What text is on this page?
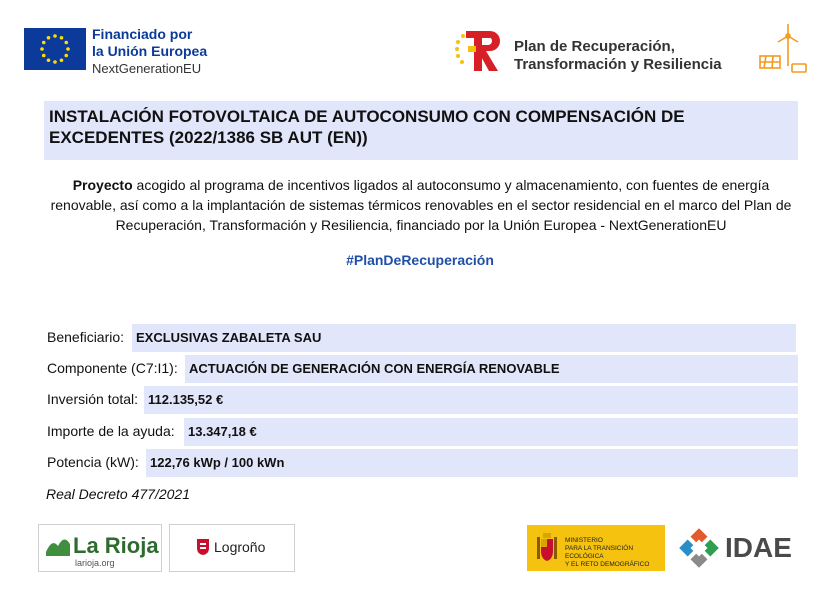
Financiado por
la Unión Europea
NextGenerationEU
Plan de Recuperación,
Transformación y Resiliencia
INSTALACIÓN FOTOVOLTAICA DE AUTOCONSUMO CON COMPENSACIÓN DE EXCEDENTES (2022/1386 SB AUT (EN))
Proyecto acogido al programa de incentivos ligados al autoconsumo y almacenamiento, con fuentes de energía renovable, así como a la implantación de sistemas térmicos renovables en el sector residencial en el marco del Plan de Recuperación, Transformación y Resiliencia, financiado por la Unión Europea - NextGenerationEU
#PlanDeRecuperación
Beneficiario: EXCLUSIVAS ZABALETA SAU
Componente (C7:I1): ACTUACIÓN DE GENERACIÓN CON ENERGÍA RENOVABLE
Inversión total: 112.135,52 €
Importe de la ayuda: 13.347,18 €
Potencia (kW): 122,76 kWp / 100 kWn
Real Decreto 477/2021
La Rioja
larioja.org
Logroño	MINISTERIO
PARA LA TRANSICIÓN ECOLÓGICA
Y EL RETO DEMOGRÁFICO
IDAE
